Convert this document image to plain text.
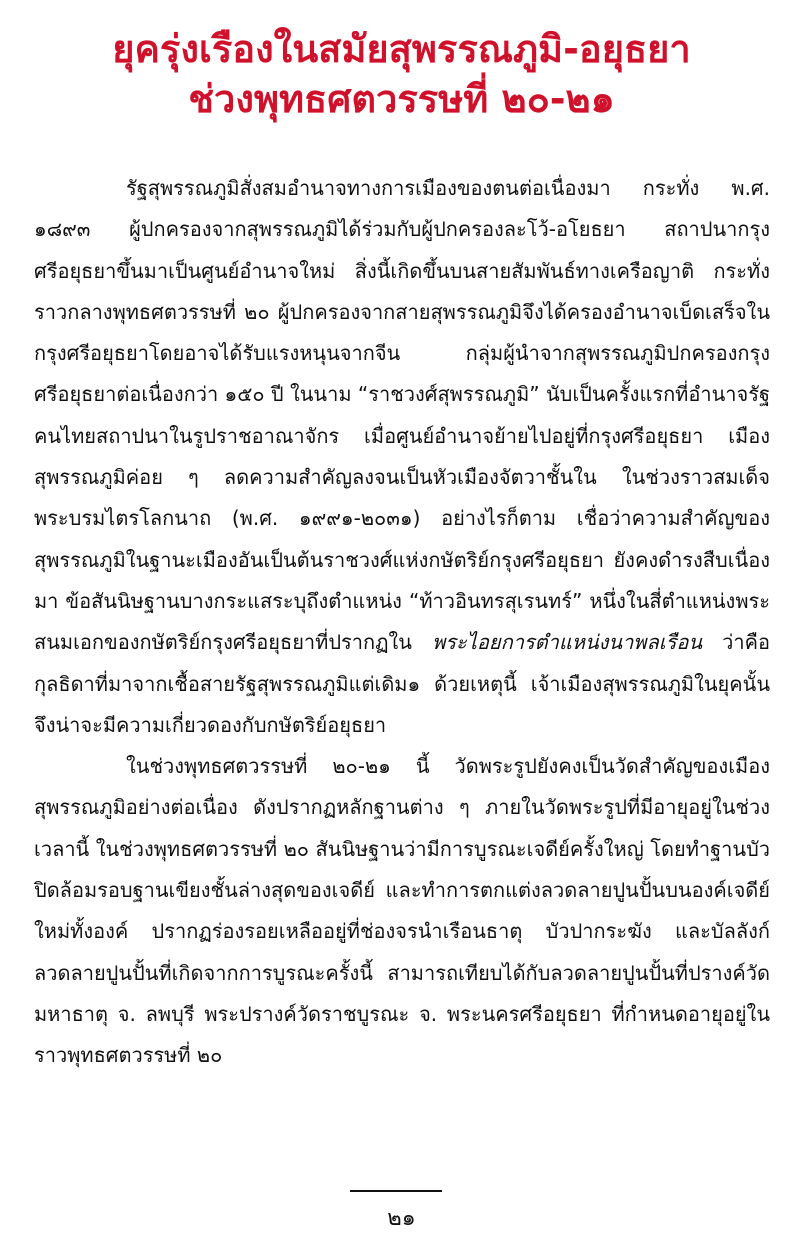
ยุครุ่งเรืองในสมัยสุพรรณภูมิ-อยุธยา
ช่วงพุทธศตวรรษที่ ๒๐-๒๑

รัฐสุพรรณภูมิสั่งสมอำนาจทางการเมืองของตนต่อเนื่องมา กระทั่ง พ.ศ. ๑๘๙๓ ผู้ปกครองจากสุพรรณภูมิได้ร่วมกับผู้ปกครองละโว้-อโยธยา สถาปนากรุงศรีอยุธยาขึ้นมาเป็นศูนย์อำนาจใหม่ สิ่งนี้เกิดขึ้นบนสายสัมพันธ์ทางเครือญาติ กระทั่งราวกลางพุทธศตวรรษที่ ๒๐ ผู้ปกครองจากสายสุพรรณภูมิจึงได้ครองอำนาจเบ็ดเสร็จในกรุงศรีอยุธยาโดยอาจได้รับแรงหนุนจากจีน กลุ่มผู้นำจากสุพรรณภูมิปกครองกรุงศรีอยุธยาต่อเนื่องกว่า ๑๕๐ ปี ในนาม “ราชวงศ์สุพรรณภูมิ” นับเป็นครั้งแรกที่อำนาจรัฐคนไทยสถาปนาในรูปราชอาณาจักร เมื่อศูนย์อำนาจย้ายไปอยู่ที่กรุงศรีอยุธยา เมืองสุพรรณภูมิค่อย ๆ ลดความสำคัญลงจนเป็นหัวเมืองจัตวาชั้นใน ในช่วงราวสมเด็จพระบรมไตรโลกนาถ (พ.ศ. ๑๙๙๑-๒๐๓๑) อย่างไรก็ตาม เชื่อว่าความสำคัญของสุพรรณภูมิในฐานะเมืองอันเป็นต้นราชวงศ์แห่งกษัตริย์กรุงศรีอยุธยา ยังคงดำรงสืบเนื่องมา ข้อสันนิษฐานบางกระแสระบุถึงตำแหน่ง “ท้าวอินทรสุเรนทร์” หนึ่งในสี่ตำแหน่งพระสนมเอกของกษัตริย์กรุงศรีอยุธยาที่ปรากฏใน พระไอยการตำแหน่งนาพลเรือน ว่าคือกุลธิดาที่มาจากเชื้อสายรัฐสุพรรณภูมิแต่เดิม๑ ด้วยเหตุนี้ เจ้าเมืองสุพรรณภูมิในยุคนั้นจึงน่าจะมีความเกี่ยวดองกับกษัตริย์อยุธยา

ในช่วงพุทธศตวรรษที่ ๒๐-๒๑ นี้ วัดพระรูปยังคงเป็นวัดสำคัญของเมืองสุพรรณภูมิอย่างต่อเนื่อง ดังปรากฏหลักฐานต่าง ๆ ภายในวัดพระรูปที่มีอายุอยู่ในช่วงเวลานี้ ในช่วงพุทธศตวรรษที่ ๒๐ สันนิษฐานว่ามีการบูรณะเจดีย์ครั้งใหญ่ โดยทำฐานบัวปิดล้อมรอบฐานเขียงชั้นล่างสุดของเจดีย์ และทำการตกแต่งลวดลายปูนปั้นบนองค์เจดีย์ใหม่ทั้งองค์ ปรากฏร่องรอยเหลืออยู่ที่ช่องจรนำเรือนธาตุ บัวปากระฆัง และบัลลังก์ ลวดลายปูนปั้นที่เกิดจากการบูรณะครั้งนี้ สามารถเทียบได้กับลวดลายปูนปั้นที่ปรางค์วัดมหาธาตุ จ. ลพบุรี พระปรางค์วัดราชบูรณะ จ. พระนครศรีอยุธยา ที่กำหนดอายุอยู่ในราวพุทธศตวรรษที่ ๒๐

๒๑
